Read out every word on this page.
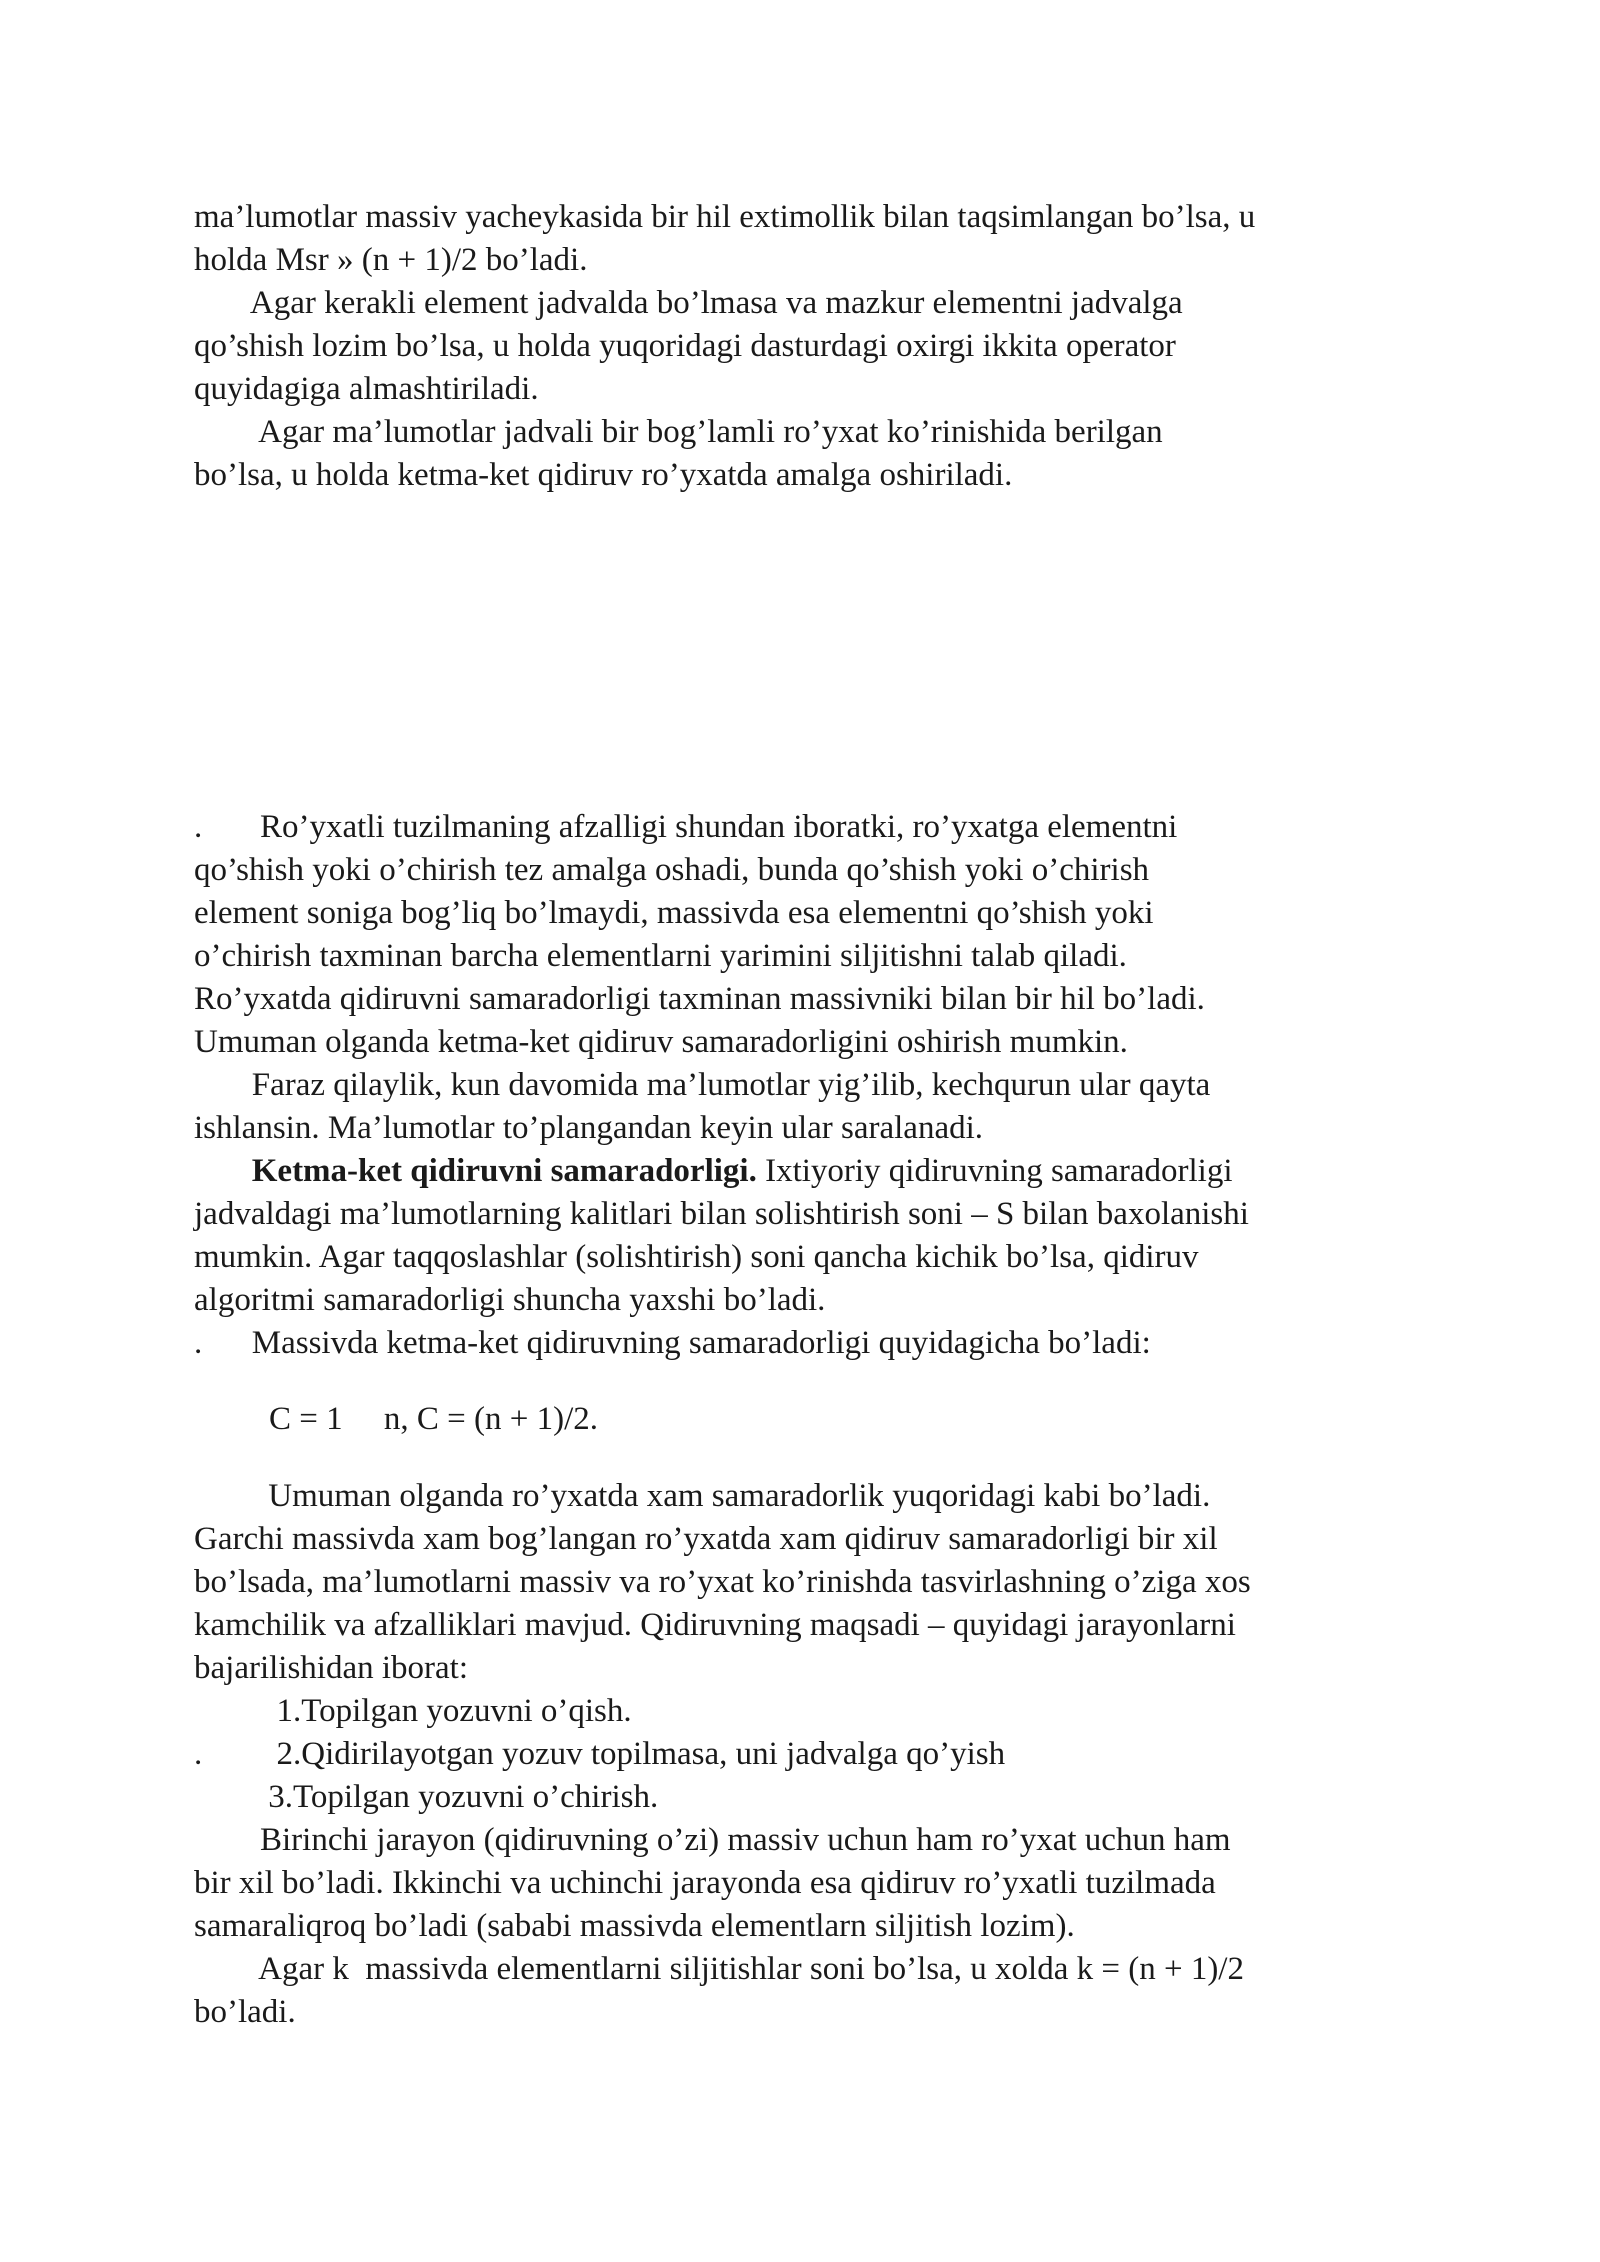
ma’lumotlar massiv yacheykasida bir hil extimollik bilan taqsimlangan bo’lsa, u
holda Msr » (n + 1)/2 bo’ladi.
Agar kerakli element jadvalda bo’lmasa va mazkur elementni jadvalga
qo’shish lozim bo’lsa, u holda yuqoridagi dasturdagi oxirgi ikkita operator
quyidagiga almashtiriladi.
Agar ma’lumotlar jadvali bir bog’lamli ro’yxat ko’rinishida berilgan
bo’lsa, u holda ketma-ket qidiruv ro’yxatda amalga oshiriladi.
.       Ro’yxatli tuzilmaning afzalligi shundan iboratki, ro’yxatga elementni
qo’shish yoki o’chirish tez amalga oshadi, bunda qo’shish yoki o’chirish
element soniga bog’liq bo’lmaydi, massivda esa elementni qo’shish yoki
o’chirish taxminan barcha elementlarni yarimini siljitishni talab qiladi.
Ro’yxatda qidiruvni samaradorligi taxminan massivniki bilan bir hil bo’ladi.
Umuman olganda ketma-ket qidiruv samaradorligini oshirish mumkin.
Faraz qilaylik, kun davomida ma’lumotlar yig’ilib, kechqurun ular qayta
ishlansin. Ma’lumotlar to’plangandan keyin ular saralanadi.
Ketma-ket qidiruvni samaradorligi. Ixtiyoriy qidiruvning samaradorligi
jadvaldagi ma’lumotlarning kalitlari bilan solishtirish soni – S bilan baxolanishi
mumkin. Agar taqqoslashlar (solishtirish) soni qancha kichik bo’lsa, qidiruv
algoritmi samaradorligi shuncha yaxshi bo’ladi.
.      Massivda ketma-ket qidiruvning samaradorligi quyidagicha bo’ladi:
C = 1     n, C = (n + 1)/2.
Umuman olganda ro’yxatda xam samaradorlik yuqoridagi kabi bo’ladi.
Garchi massivda xam bog’langan ro’yxatda xam qidiruv samaradorligi bir xil
bo’lsada, ma’lumotlarni massiv va ro’yxat ko’rinishda tasvirlashning o’ziga xos
kamchilik va afzalliklari mavjud. Qidiruvning maqsadi – quyidagi jarayonlarni
bajarilishidan iborat:
1.Topilgan yozuvni o’qish.
.         2.Qidirilayotgan yozuv topilmasa, uni jadvalga qo’yish
3.Topilgan yozuvni o’chirish.
Birinchi jarayon (qidiruvning o’zi) massiv uchun ham ro’yxat uchun ham
bir xil bo’ladi. Ikkinchi va uchinchi jarayonda esa qidiruv ro’yxatli tuzilmada
samaraliqroq bo’ladi (sababi massivda elementlarn siljitish lozim).
Agar k  massivda elementlarni siljitishlar soni bo’lsa, u xolda k = (n + 1)/2
bo’ladi.
